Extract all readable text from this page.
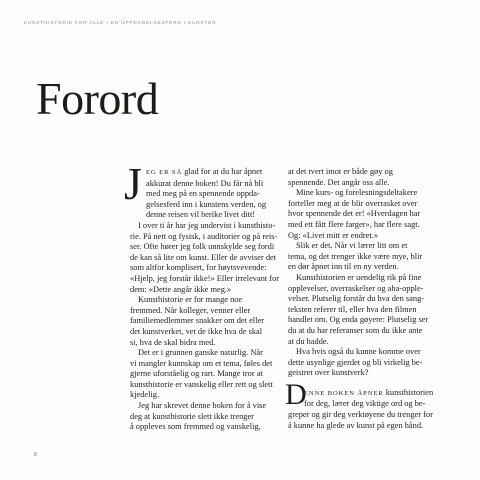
KUNSTHISTORIE FOR ALLE I EN OPPDAGELSESFERD I KUNSTEN
Forord
J EG ER SÅ glad for at du har åpnet
akkurat denne boken! Du får nå bli
med meg på en spennende oppda-
gelsesferd inn i kunstens verden, og
denne reisen vil berike livet ditt!
I over ti år har jeg undervist i kunsthisto-
rie. På nett og fysisk, i auditorier og på reis-
ser. Ofte hører jeg folk unnskylde seg fordi
de kan så lite om kunst. Eller de avviser det
som altfor komplisert, for høytsvevende:
«Hjelp, jeg forstår ikke!» Eller irrelevant for
dem: «Dette angår ikke meg.»
Kunsthistorie er for mange noe
fremmed. Når kolleger, venner eller
familiemedlemmer snakker om det eller
det kunstverket, vet de ikke hva de skal
si, hva de skal bidra med.
Det er i grunnen ganske naturlig. Når
vi mangler kunnskap om et tema, føles det
gjerne uforståelig og rart. Mange tror at
kunsthistorie er vanskelig eller rett og slett
kjedelig.
Jeg har skrevet denne boken for å vise
deg at kunsthistorie slett ikke trenger
å oppleves som fremmed og vanskelig,
at det tvert imot er både gøy og
spennende. Det angår oss alle.
Mine kurs- og forelesningsdeltakere
forteller meg at de blir overrasket over
hvor spennende det er! «Hverdagen har
med ett fått flere farger», har flere sagt.
Og: «Livet mitt er endret.»
Slik er det. Når vi lærer litt om et
tema, og det trenger ikke være mye, blir
en dør åpnet inn til en ny verden.
Kunsthistorien er uendelig rik på fine
opplevelser, overraskelser og aha-opple-
velser. Plutselig forstår du hva den sang-
teksten referer til, eller hva den filmen
handlet om. Og enda gøyere: Plutselig ser
du at du har referanser som du ikke ante
at du hadde.
Hva hvis også du kunne komme over
dette usynlige gjerdet og bli virkelig be-
geistret over kunstverk?
D
ENNE BOKEN ÅPNER kunsthistorien
for deg, lærer deg viktige ord og be-
greper og gir deg verktøyene du trenger for
å kunne ha glede av kunst på egen hånd.
8
